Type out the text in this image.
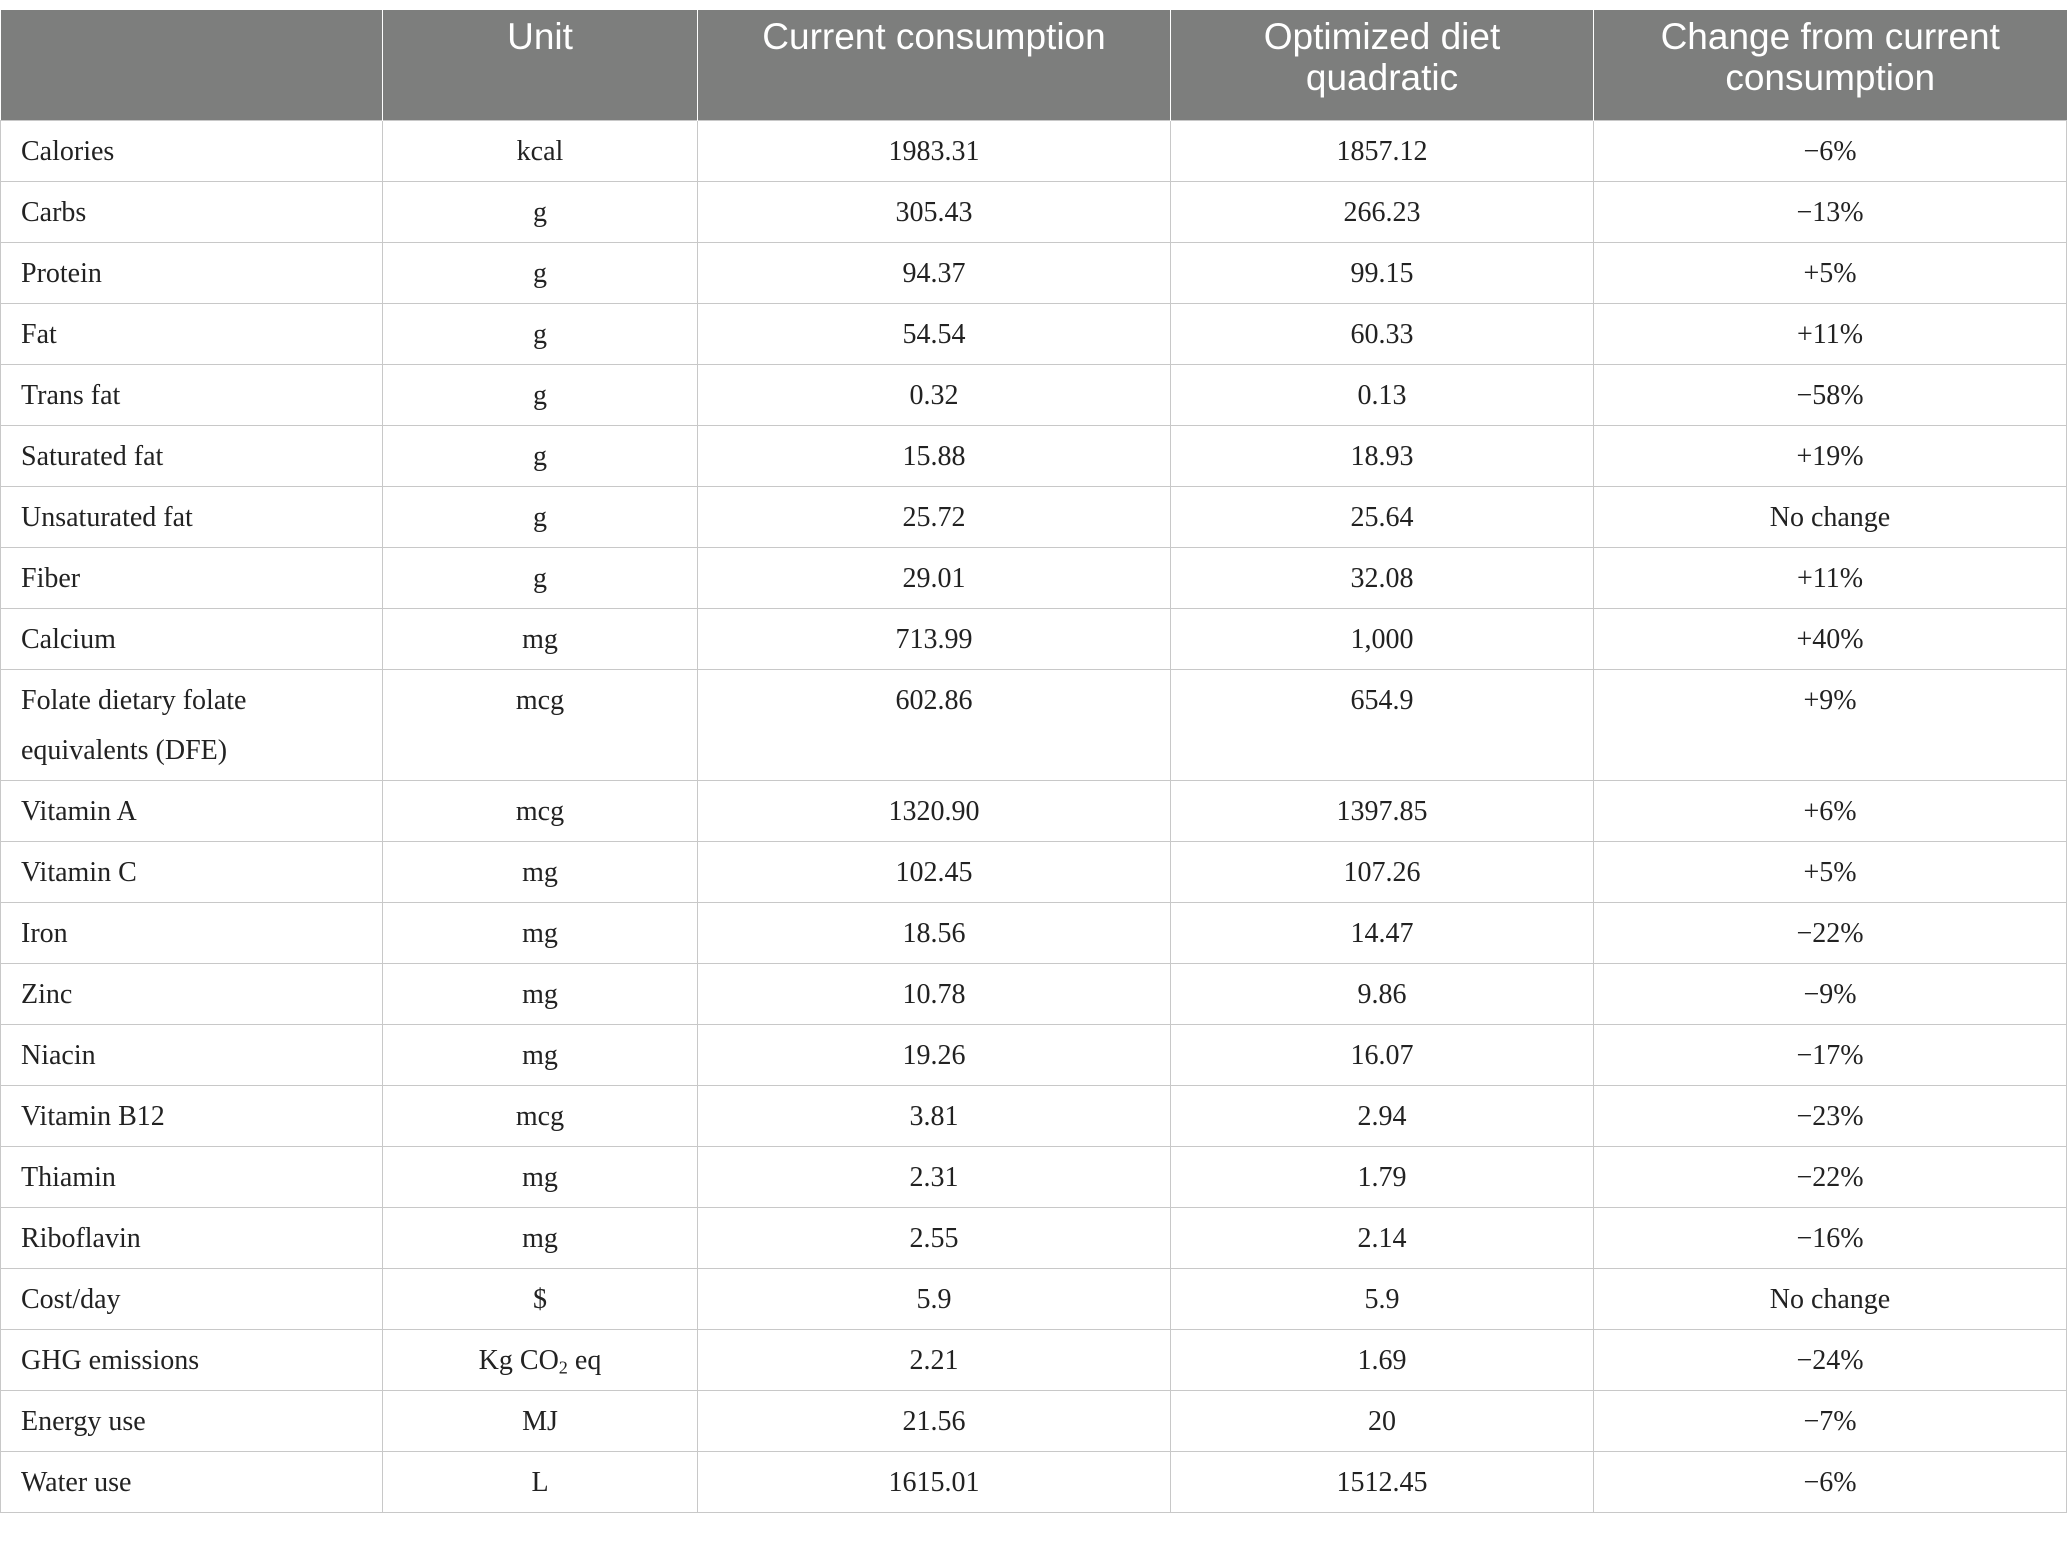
	Unit	Current consumption	Optimized diet quadratic	Change from current consumption
Calories	kcal	1983.31	1857.12	−6%
Carbs	g	305.43	266.23	−13%
Protein	g	94.37	99.15	+5%
Fat	g	54.54	60.33	+11%
Trans fat	g	0.32	0.13	−58%
Saturated fat	g	15.88	18.93	+19%
Unsaturated fat	g	25.72	25.64	No change
Fiber	g	29.01	32.08	+11%
Calcium	mg	713.99	1,000	+40%
Folate dietary folate equivalents (DFE)	mcg	602.86	654.9	+9%
Vitamin A	mcg	1320.90	1397.85	+6%
Vitamin C	mg	102.45	107.26	+5%
Iron	mg	18.56	14.47	−22%
Zinc	mg	10.78	9.86	−9%
Niacin	mg	19.26	16.07	−17%
Vitamin B12	mcg	3.81	2.94	−23%
Thiamin	mg	2.31	1.79	−22%
Riboflavin	mg	2.55	2.14	−16%
Cost/day	$	5.9	5.9	No change
GHG emissions	Kg $CO_2$ eq	2.21	1.69	−24%
Energy use	MJ	21.56	20	−7%
Water use	L	1615.01	1512.45	−6%
